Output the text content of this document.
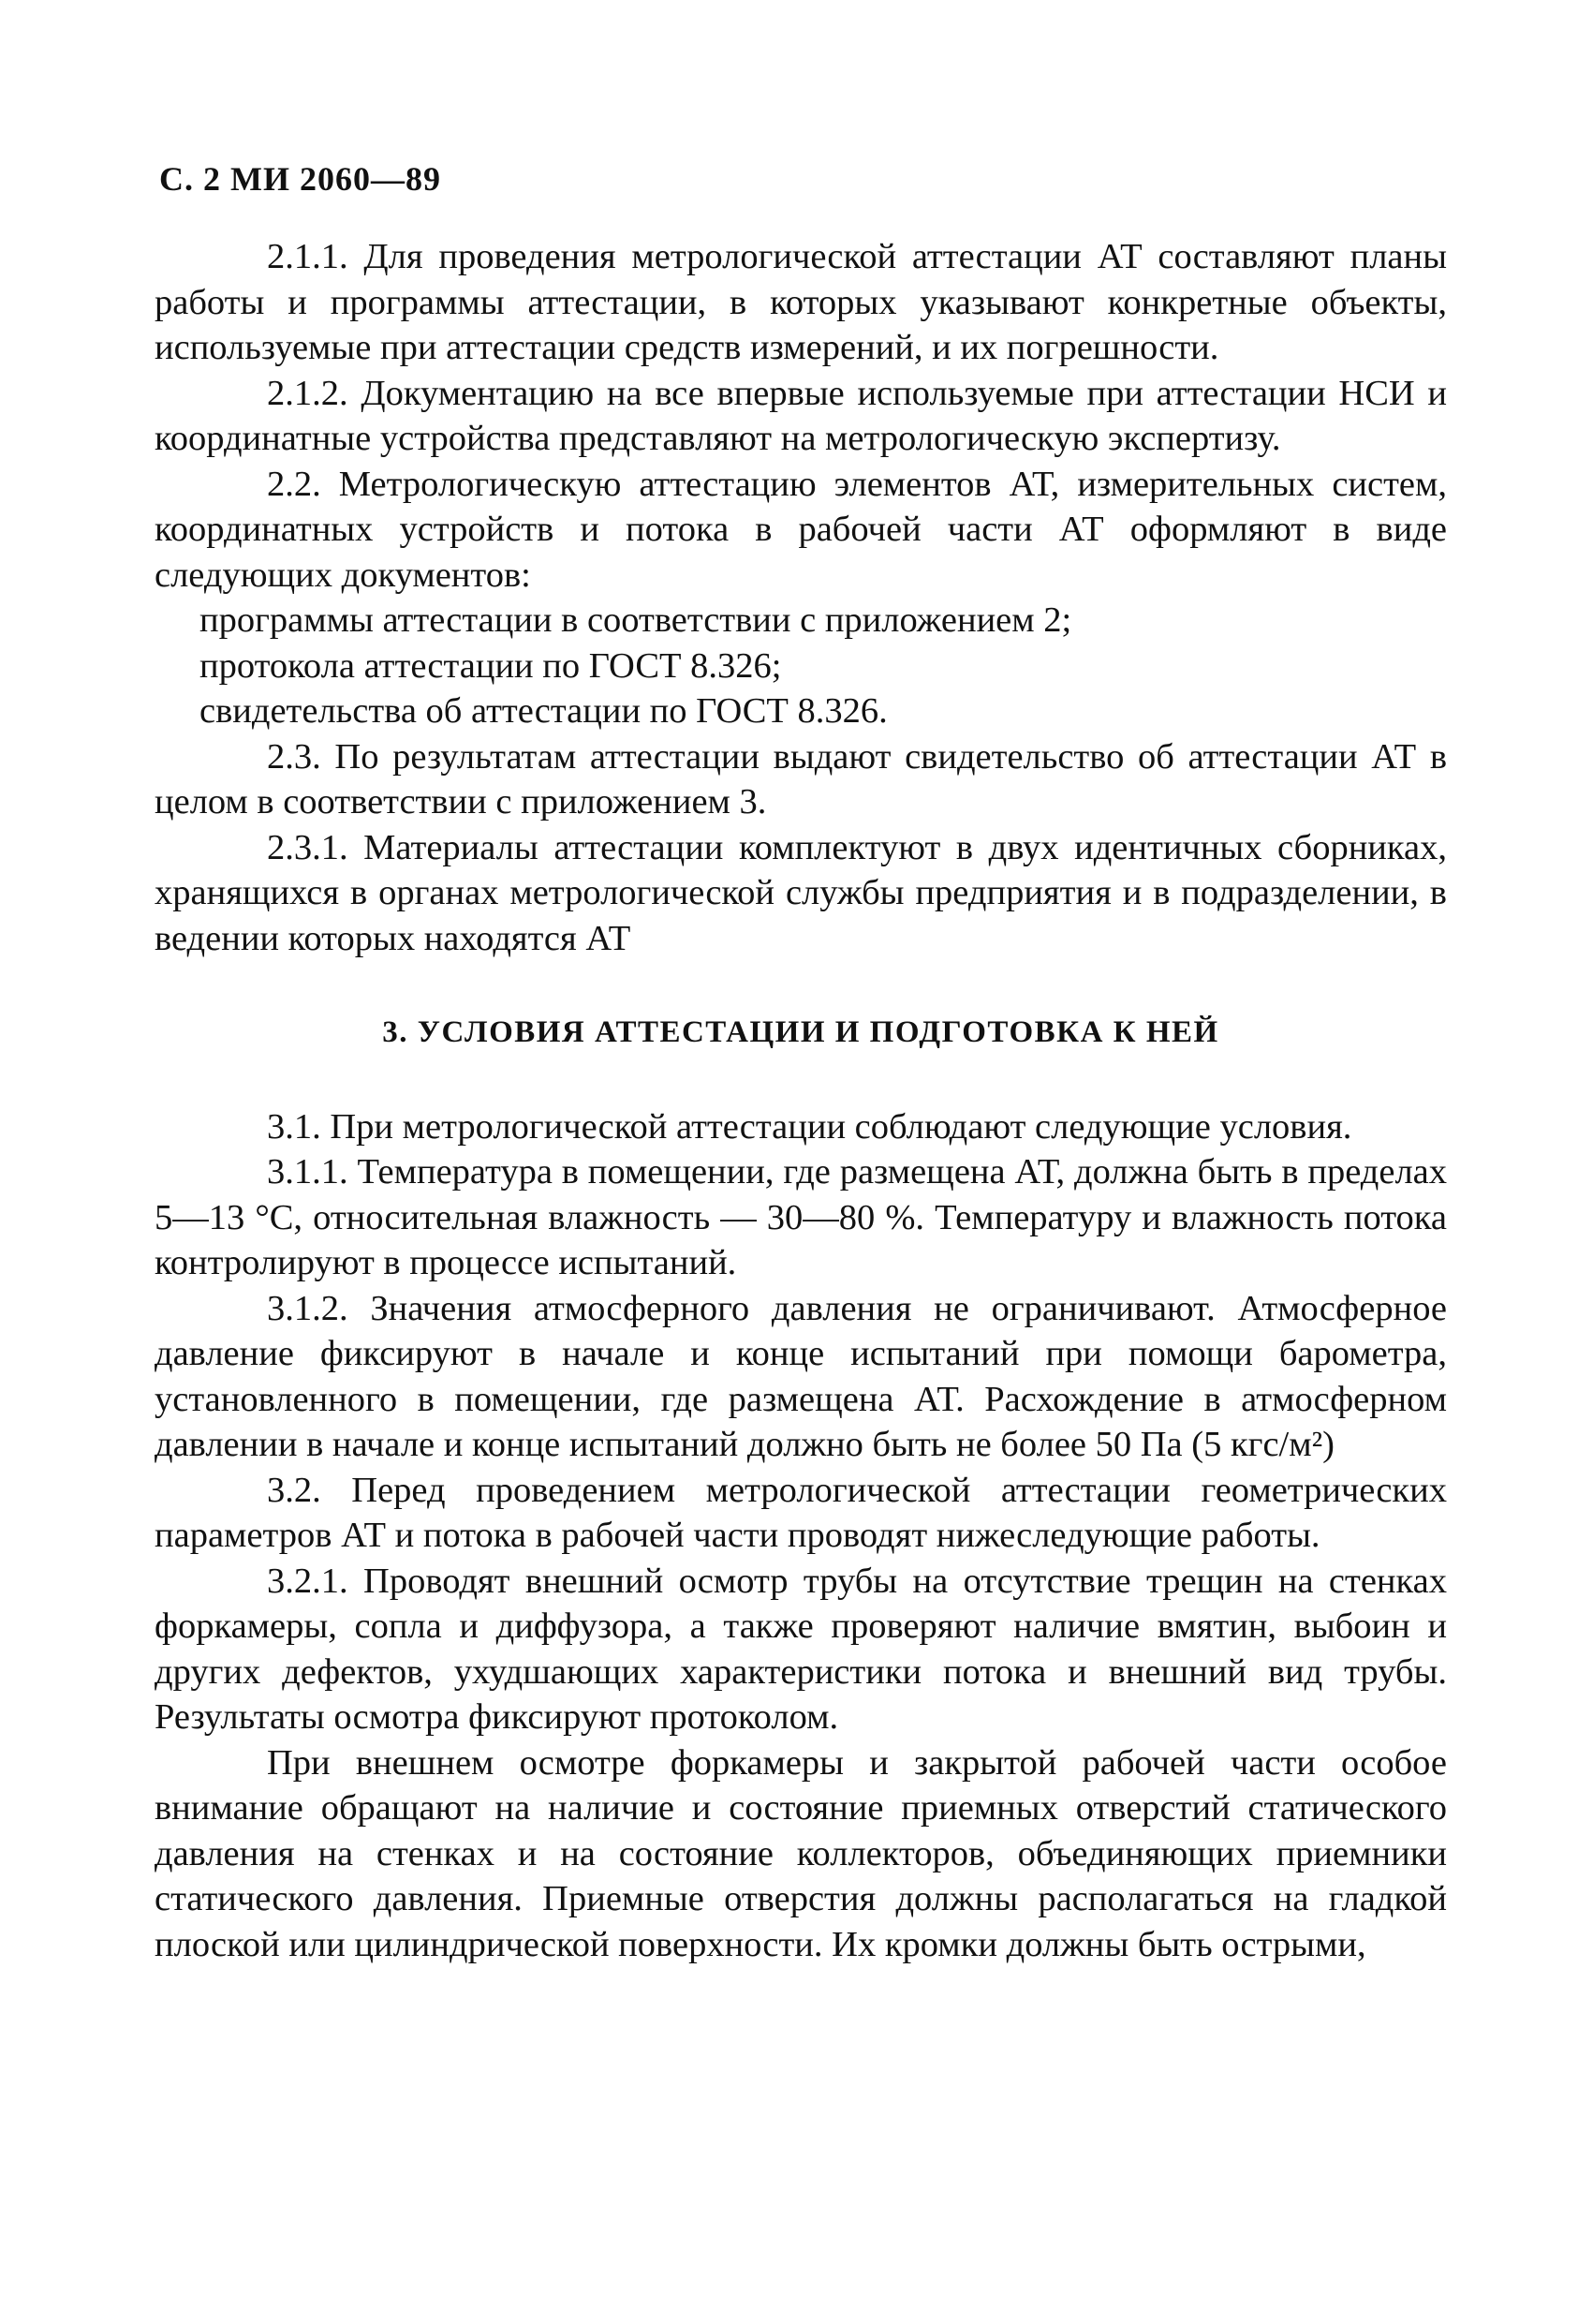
С. 2 МИ 2060—89

2.1.1. Для проведения метрологической аттестации АТ составляют планы работы и программы аттестации, в которых указывают конкретные объекты, используемые при аттестации средств измерений, и их погрешности.

2.1.2. Документацию на все впервые используемые при аттестации НСИ и координатные устройства представляют на метрологическую экспертизу.

2.2. Метрологическую аттестацию элементов АТ, измерительных систем, координатных устройств и потока в рабочей части АТ оформляют в виде следующих документов:

программы аттестации в соответствии с приложением 2;

протокола аттестации по ГОСТ 8.326;

свидетельства об аттестации по ГОСТ 8.326.

2.3. По результатам аттестации выдают свидетельство об аттестации АТ в целом в соответствии с приложением 3.

2.3.1. Материалы аттестации комплектуют в двух идентичных сборниках, хранящихся в органах метрологической службы предприятия и в подразделении, в ведении которых находятся АТ

3. УСЛОВИЯ АТТЕСТАЦИИ И ПОДГОТОВКА К НЕЙ

3.1. При метрологической аттестации соблюдают следующие условия.

3.1.1. Температура в помещении, где размещена АТ, должна быть в пределах 5—13 °С, относительная влажность — 30—80 %. Температуру и влажность потока контролируют в процессе испытаний.

3.1.2. Значения атмосферного давления не ограничивают. Атмосферное давление фиксируют в начале и конце испытаний при помощи барометра, установленного в помещении, где размещена АТ. Расхождение в атмосферном давлении в начале и конце испытаний должно быть не более 50 Па (5 кгс/м²)

3.2. Перед проведением метрологической аттестации геометрических параметров АТ и потока в рабочей части проводят нижеследующие работы.

3.2.1. Проводят внешний осмотр трубы на отсутствие трещин на стенках форкамеры, сопла и диффузора, а также проверяют наличие вмятин, выбоин и других дефектов, ухудшающих характеристики потока и внешний вид трубы. Результаты осмотра фиксируют протоколом.

При внешнем осмотре форкамеры и закрытой рабочей части особое внимание обращают на наличие и состояние приемных отверстий статического давления на стенках и на состояние коллекторов, объединяющих приемники статического давления. Приемные отверстия должны располагаться на гладкой плоской или цилиндрической поверхности. Их кромки должны быть острыми,
